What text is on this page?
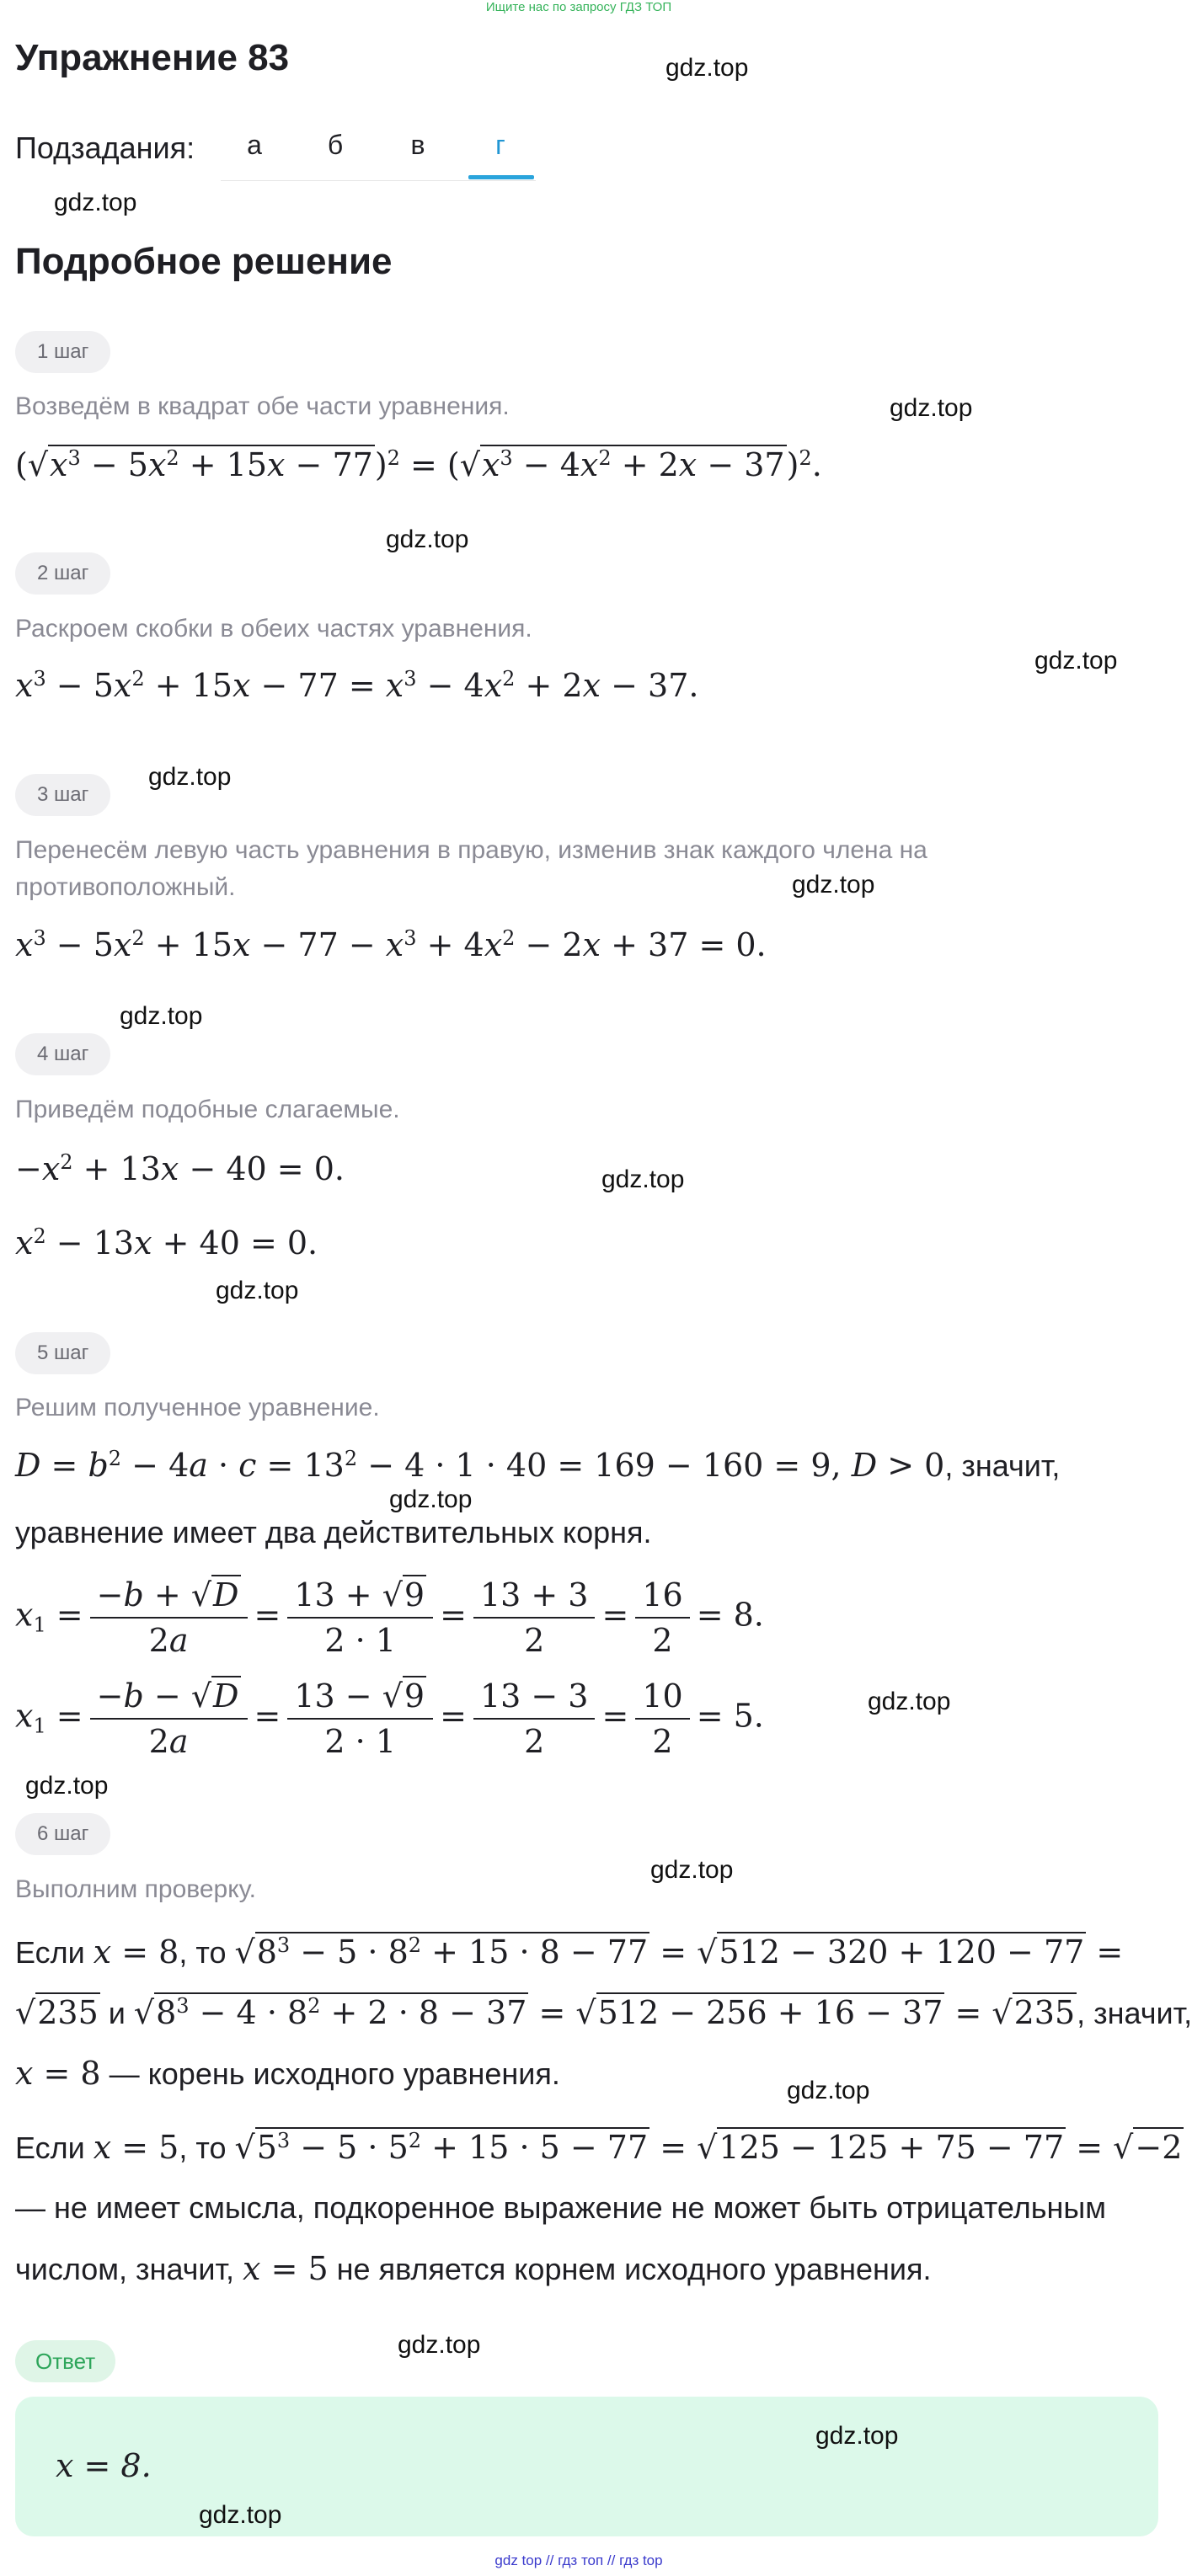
Ищите нас по запросу ГДЗ ТОП
Упражнение 83	gdz.top
Подзадания:	а	б	в	г
gdz.top
Подробное решение
1 шаг
Возведём в квадрат обе части уравнения.	gdz.top
$(√x^3 - 5x^2 + 15x - 77)^2 = (√x^3 - 4x^2 + 2x - 37)^2$.
gdz.top
2 шаг
Раскроем скобки в обеих частях уравнения.
gdz.top
$x^3 - 5x^2 + 15x - 77 = x^3 - 4x^2 + 2x - 37$.
3 шаг
gdz.top
Перенесём левую часть уравнения в правую, изменив знак каждого члена на противоположный.	gdz.top
$x^3 - 5x^2 + 15x - 77 - x^3 + 4x^2 - 2x + 37 = 0$.
gdz.top
4 шаг
Приведём подобные слагаемые.
$-x^2 + 13x - 40 = 0$.	gdz.top
$x^2 - 13x + 40 = 0$.
gdz.top
5 шаг
Решим полученное уравнение.
$D = b^2 - 4a \cdot c = 13^2 - 4 \cdot 1 \cdot 40 = 169 - 160 = 9$, D > 0, значит,
gdz.top
уравнение имеет два действительных корня.
$x_1 = \frac{-b + √D}{2a} = \frac{13 + √9}{2 \cdot 1} = \frac{13 + 3}{2} = \frac{16}{2} = 8$.
$x_1 = \frac{-b - √D}{2a} = \frac{13 - √9}{2 \cdot 1} = \frac{13 - 3}{2} = \frac{10}{2} = 5$.	gdz.top
gdz.top
6 шаг
Выполним проверку.
gdz.top
Если x = 8, то $√8^3 - 5 \cdot 8^2 + 15 \cdot 8 - 77 = √512 - 320 + 120 - 77$ =
√235 и $√8^3 - 4 \cdot 8^2 + 2 \cdot 8 - 37 = √512 - 256 + 16 - 37 = √235$, значит,
x = 8 — корень исходного уравнения.	gdz.top
Если x = 5, то $√5^3 - 5 \cdot 5^2 + 15 \cdot 5 - 77 = √125 - 125 + 75 - 77 = √-2$
— не имеет смысла, подкоренное выражение не может быть отрицательным
числом, значит, x = 5 не является корнем исходного уравнения.
Ответ
gdz.top
x = 8.
gdz.top
gdz.top
gdz top // гдз топ // гдз top
